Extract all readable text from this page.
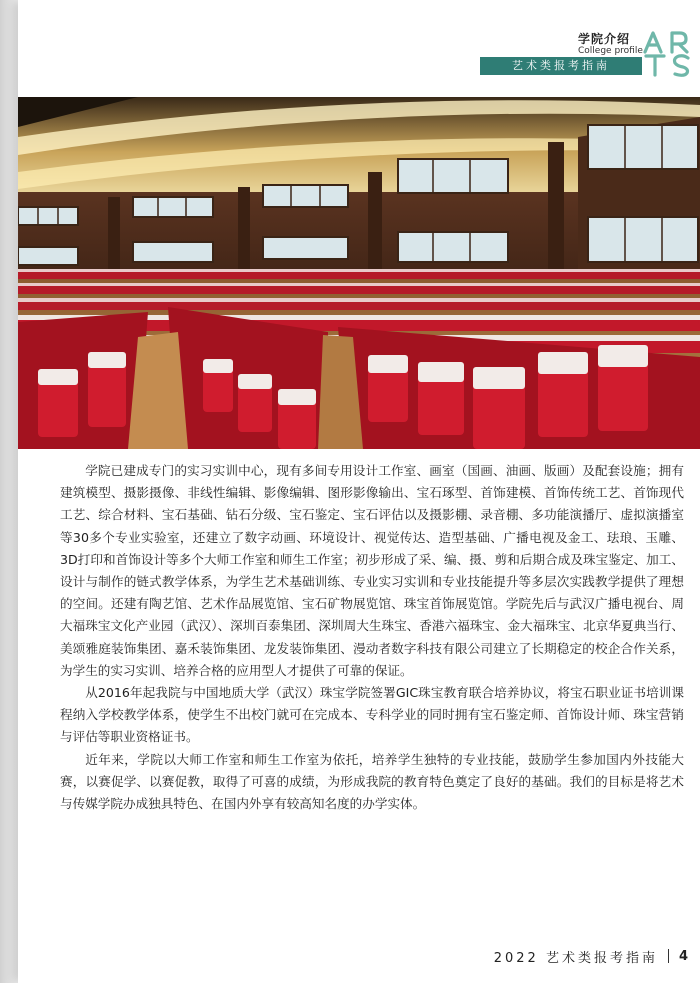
学院介绍
College profile
艺术类报考指南

学院已建成专门的实习实训中心，现有多间专用设计工作室、画室（国画、油画、版画）及配套设施；拥有建筑模型、摄影摄像、非线性编辑、影像编辑、图形影像输出、宝石琢型、首饰建模、首饰传统工艺、首饰现代工艺、综合材料、宝石基础、钻石分级、宝石鉴定、宝石评估以及摄影棚、录音棚、多功能演播厅、虚拟演播室等30多个专业实验室，还建立了数字动画、环境设计、视觉传达、造型基础、广播电视及金工、珐琅、玉雕、3D打印和首饰设计等多个大师工作室和师生工作室；初步形成了采、编、摄、剪和后期合成及珠宝鉴定、加工、设计与制作的链式教学体系，为学生艺术基础训练、专业实习实训和专业技能提升等多层次实践教学提供了理想的空间。还建有陶艺馆、艺术作品展览馆、宝石矿物展览馆、珠宝首饰展览馆。学院先后与武汉广播电视台、周大福珠宝文化产业园（武汉）、深圳百泰集团、深圳周大生珠宝、香港六福珠宝、金大福珠宝、北京华夏典当行、美颂雅庭装饰集团、嘉禾装饰集团、龙发装饰集团、漫动者数字科技有限公司建立了长期稳定的校企合作关系，为学生的实习实训、培养合格的应用型人才提供了可靠的保证。

从2016年起我院与中国地质大学（武汉）珠宝学院签署GIC珠宝教育联合培养协议，将宝石职业证书培训课程纳入学校教学体系，使学生不出校门就可在完成本、专科学业的同时拥有宝石鉴定师、首饰设计师、珠宝营销与评估等职业资格证书。

近年来，学院以大师工作室和师生工作室为依托，培养学生独特的专业技能，鼓励学生参加国内外技能大赛，以赛促学、以赛促教，取得了可喜的成绩，为形成我院的教育特色奠定了良好的基础。我们的目标是将艺术与传媒学院办成独具特色、在国内外享有较高知名度的办学实体。

2022 艺术类报考指南 4
